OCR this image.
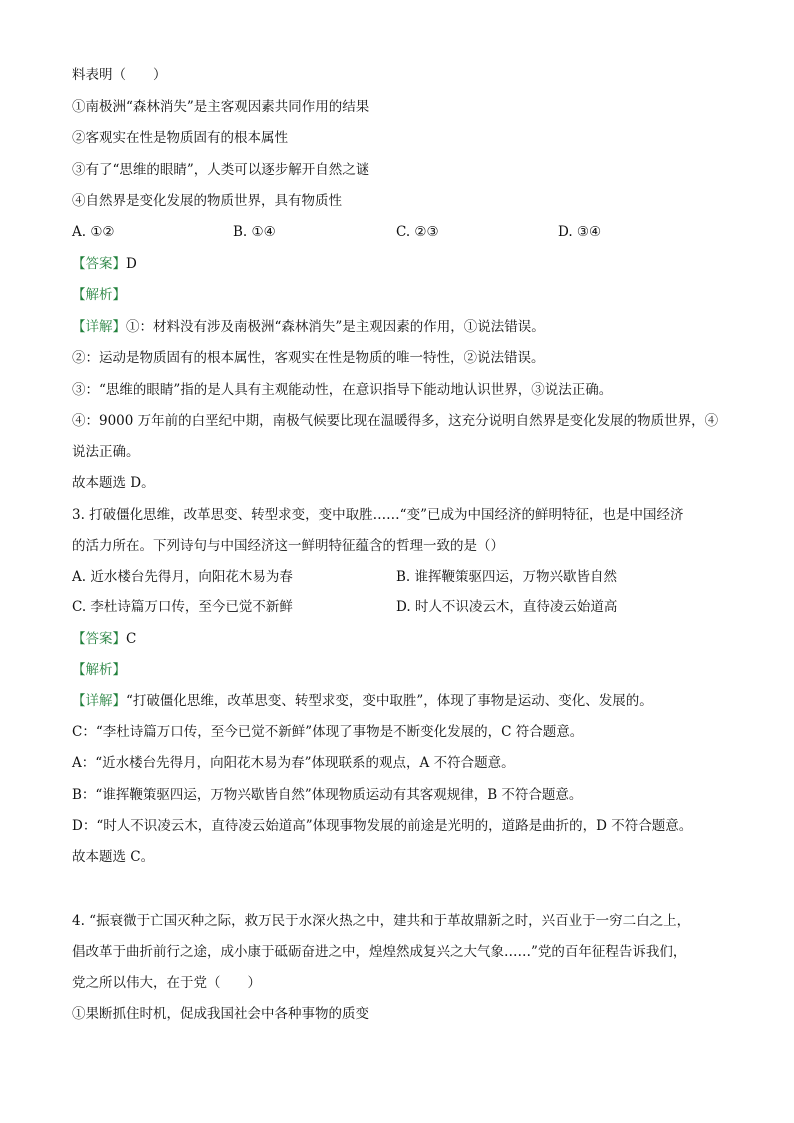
料表明（　　）
①南极洲“森林消失”是主客观因素共同作用的结果
②客观实在性是物质固有的根本属性
③有了“思维的眼睛”，人类可以逐步解开自然之谜
④自然界是变化发展的物质世界，具有物质性
A. ①②	B. ①④	C. ②③	D. ③④
【答案】D
【解析】
【详解】①：材料没有涉及南极洲“森林消失”是主观因素的作用，①说法错误。
②：运动是物质固有的根本属性，客观实在性是物质的唯一特性，②说法错误。
③：“思维的眼睛”指的是人具有主观能动性，在意识指导下能动地认识世界，③说法正确。
④：9000 万年前的白垩纪中期，南极气候要比现在温暖得多，这充分说明自然界是变化发展的物质世界，④
说法正确。
故本题选 D。
3. 打破僵化思维，改革思变、转型求变，变中取胜……“变”已成为中国经济的鲜明特征，也是中国经济
的活力所在。下列诗句与中国经济这一鲜明特征蕴含的哲理一致的是（）
A. 近水楼台先得月，向阳花木易为春	B. 谁挥鞭策驱四运，万物兴歇皆自然
C. 李杜诗篇万口传，至今已觉不新鲜	D. 时人不识凌云木，直待凌云始道高
【答案】C
【解析】
【详解】“打破僵化思维，改革思变、转型求变，变中取胜”，体现了事物是运动、变化、发展的。
C：“李杜诗篇万口传，至今已觉不新鲜”体现了事物是不断变化发展的，C 符合题意。
A：“近水楼台先得月，向阳花木易为春”体现联系的观点，A 不符合题意。
B：“谁挥鞭策驱四运，万物兴歇皆自然”体现物质运动有其客观规律，B 不符合题意。
D：“时人不识凌云木，直待凌云始道高”体现事物发展的前途是光明的，道路是曲折的，D 不符合题意。
故本题选 C。
4. “振衰微于亡国灭种之际，救万民于水深火热之中，建共和于革故鼎新之时，兴百业于一穷二白之上，
倡改革于曲折前行之途，成小康于砥砺奋进之中，煌煌然成复兴之大气象……”党的百年征程告诉我们，
党之所以伟大，在于党（　　）
①果断抓住时机，促成我国社会中各种事物的质变
